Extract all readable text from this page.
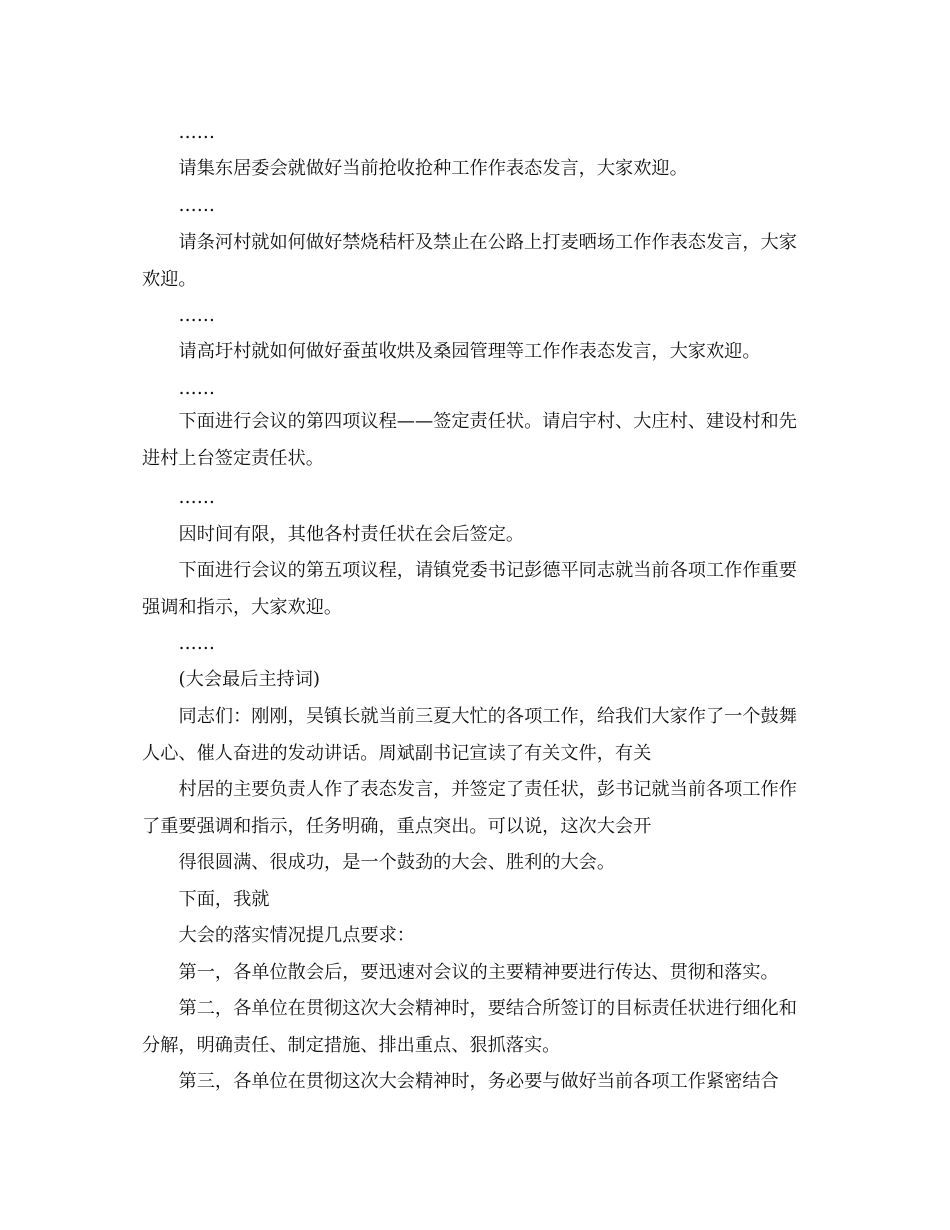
……
请集东居委会就做好当前抢收抢种工作作表态发言，大家欢迎。
……
请条河村就如何做好禁烧秸杆及禁止在公路上打麦晒场工作作表态发言，大家欢迎。
……
请高圩村就如何做好蚕茧收烘及桑园管理等工作作表态发言，大家欢迎。
……
下面进行会议的第四项议程——签定责任状。请启宇村、大庄村、建设村和先进村上台签定责任状。
……
因时间有限，其他各村责任状在会后签定。
下面进行会议的第五项议程，请镇党委书记彭德平同志就当前各项工作作重要强调和指示，大家欢迎。
……
(大会最后主持词)
同志们：刚刚，吴镇长就当前三夏大忙的各项工作，给我们大家作了一个鼓舞人心、催人奋进的发动讲话。周斌副书记宣读了有关文件，有关
村居的主要负责人作了表态发言，并签定了责任状，彭书记就当前各项工作作了重要强调和指示，任务明确，重点突出。可以说，这次大会开
得很圆满、很成功，是一个鼓劲的大会、胜利的大会。
下面，我就
大会的落实情况提几点要求：
第一，各单位散会后，要迅速对会议的主要精神要进行传达、贯彻和落实。
第二，各单位在贯彻这次大会精神时，要结合所签订的目标责任状进行细化和分解，明确责任、制定措施、排出重点、狠抓落实。
第三，各单位在贯彻这次大会精神时，务必要与做好当前各项工作紧密结合
